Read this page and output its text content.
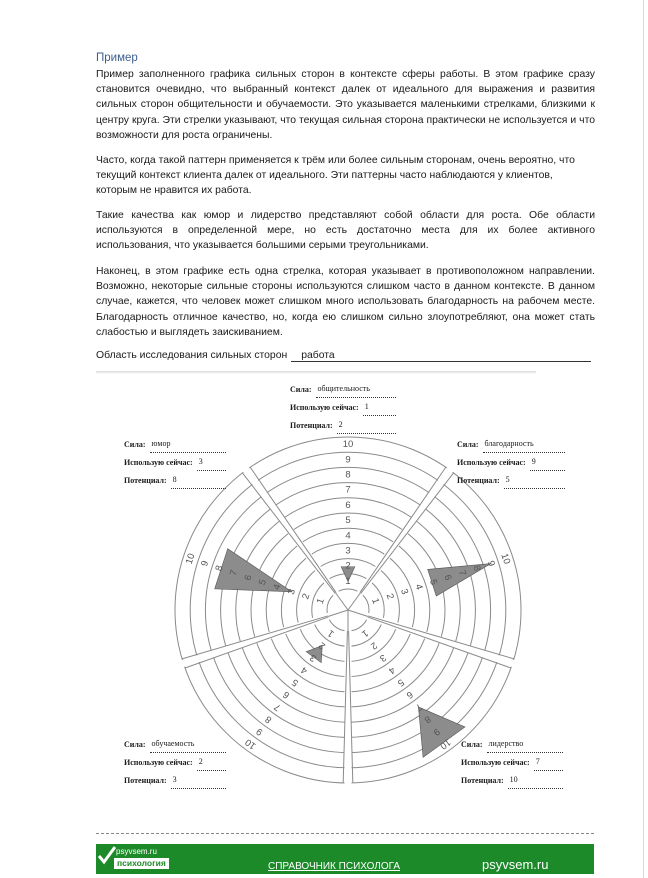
Пример
Пример заполненного графика сильных сторон в контексте сферы работы. В этом графике сразу становится очевидно, что выбранный контекст далек от идеального для выражения и развития сильных сторон общительности и обучаемости. Это указывается маленькими стрелками, близкими к центру круга. Эти стрелки указывают, что текущая сильная сторона практически не используется и что возможности для роста ограничены.
Часто, когда такой паттерн применяется к трём или более сильным сторонам, очень вероятно, что текущий контекст клиента далек от идеального. Эти паттерны часто наблюдаются у клиентов, которым не нравится их работа.
Такие качества как юмор и лидерство представляют собой области для роста. Обе области используются в определенной мере, но есть достаточно места для их более активного использования, что указывается большими серыми треугольниками.
Наконец, в этом графике есть одна стрелка, которая указывает в противоположном направлении. Возможно, некоторые сильные стороны используются слишком часто в данном контексте. В данном случае, кажется, что человек может слишком много использовать благодарность на рабочем месте. Благодарность отличное качество, но, когда ею слишком сильно злоупотребляют, она может стать слабостью и выглядеть заискиванием.
Область исследования сильных сторон работа
1
2
3
4
5
6
7
8
9
10
1
2
3
4
5
6
7
8
9 10
1
2
3
4
5
6
7
8
9
10
1
2
3
4
5
6
7
8
9
10
1
2
3
4
5
6
7
8
9
10
Сила: общительность
Использую сейчас: 1
Потенциал: 2
Сила: благодарность
Использую сейчас: 9
Потенциал: 5
Сила: лидерство
Использую сейчас: 7
Потенциал: 10
Сила: обучаемость
Использую сейчас: 2
Потенциал: 3
Сила: юмор
Использую сейчас: 3
Потенциал: 8
psyvsem.ru
психология	СПРАВОЧНИК ПСИХОЛОГА	psyvsem.ru
